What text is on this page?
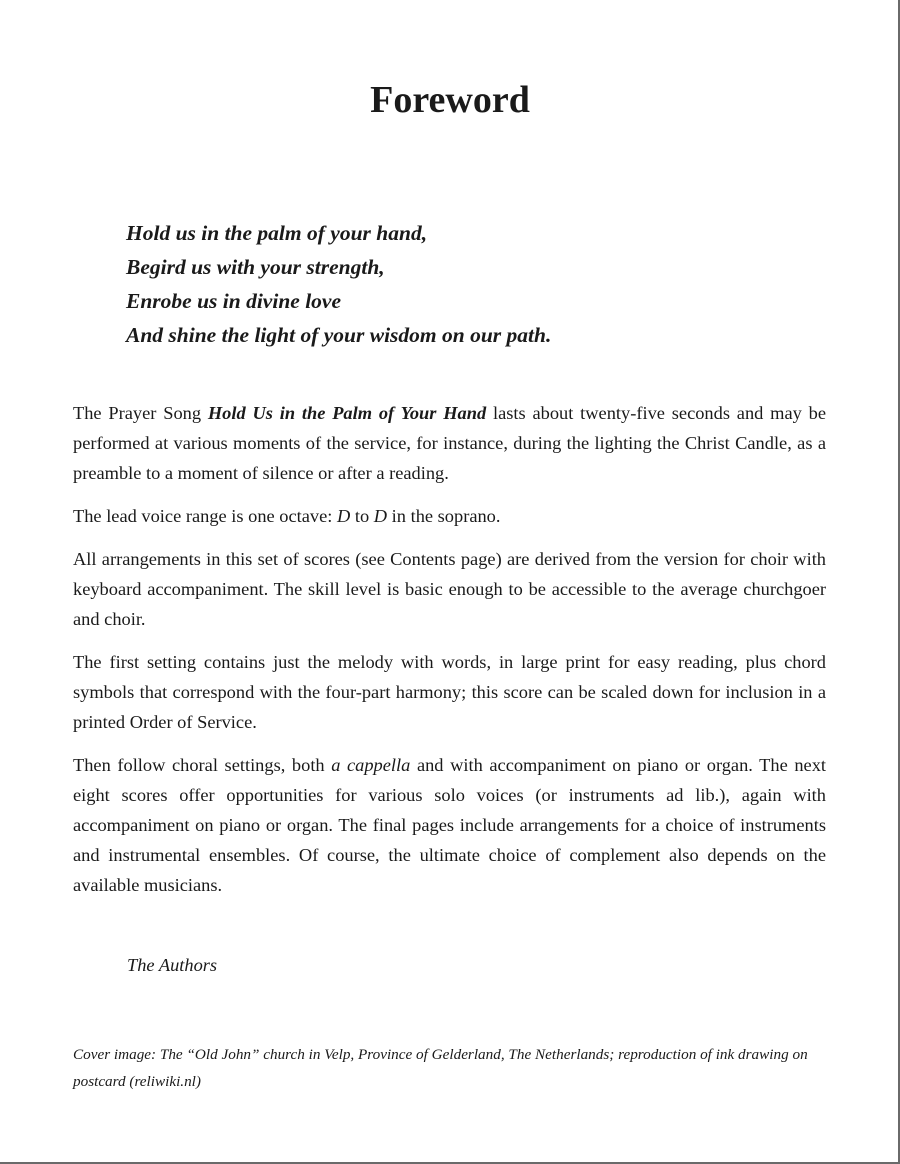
Foreword
Hold us in the palm of your hand,
Begird us with your strength,
Enrobe us in divine love
And shine the light of your wisdom on our path.

The Prayer Song Hold Us in the Palm of Your Hand lasts about twenty-five seconds and may be performed at various moments of the service, for instance, during the lighting the Christ Candle, as a preamble to a moment of silence or after a reading.

The lead voice range is one octave: D to D in the soprano.

All arrangements in this set of scores (see Contents page) are derived from the version for choir with keyboard accompaniment. The skill level is basic enough to be accessible to the average churchgoer and choir.

The first setting contains just the melody with words, in large print for easy reading, plus chord symbols that correspond with the four-part harmony; this score can be scaled down for inclusion in a printed Order of Service.

Then follow choral settings, both a cappella and with accompaniment on piano or organ. The next eight scores offer opportunities for various solo voices (or instruments ad lib.), again with accompaniment on piano or organ. The final pages include arrangements for a choice of instruments and instrumental ensembles. Of course, the ultimate choice of complement also depends on the available musicians.

The Authors
Cover image: The “Old John” church in Velp, Province of Gelderland, The Netherlands; reproduction of ink drawing on postcard (reliwiki.nl)
